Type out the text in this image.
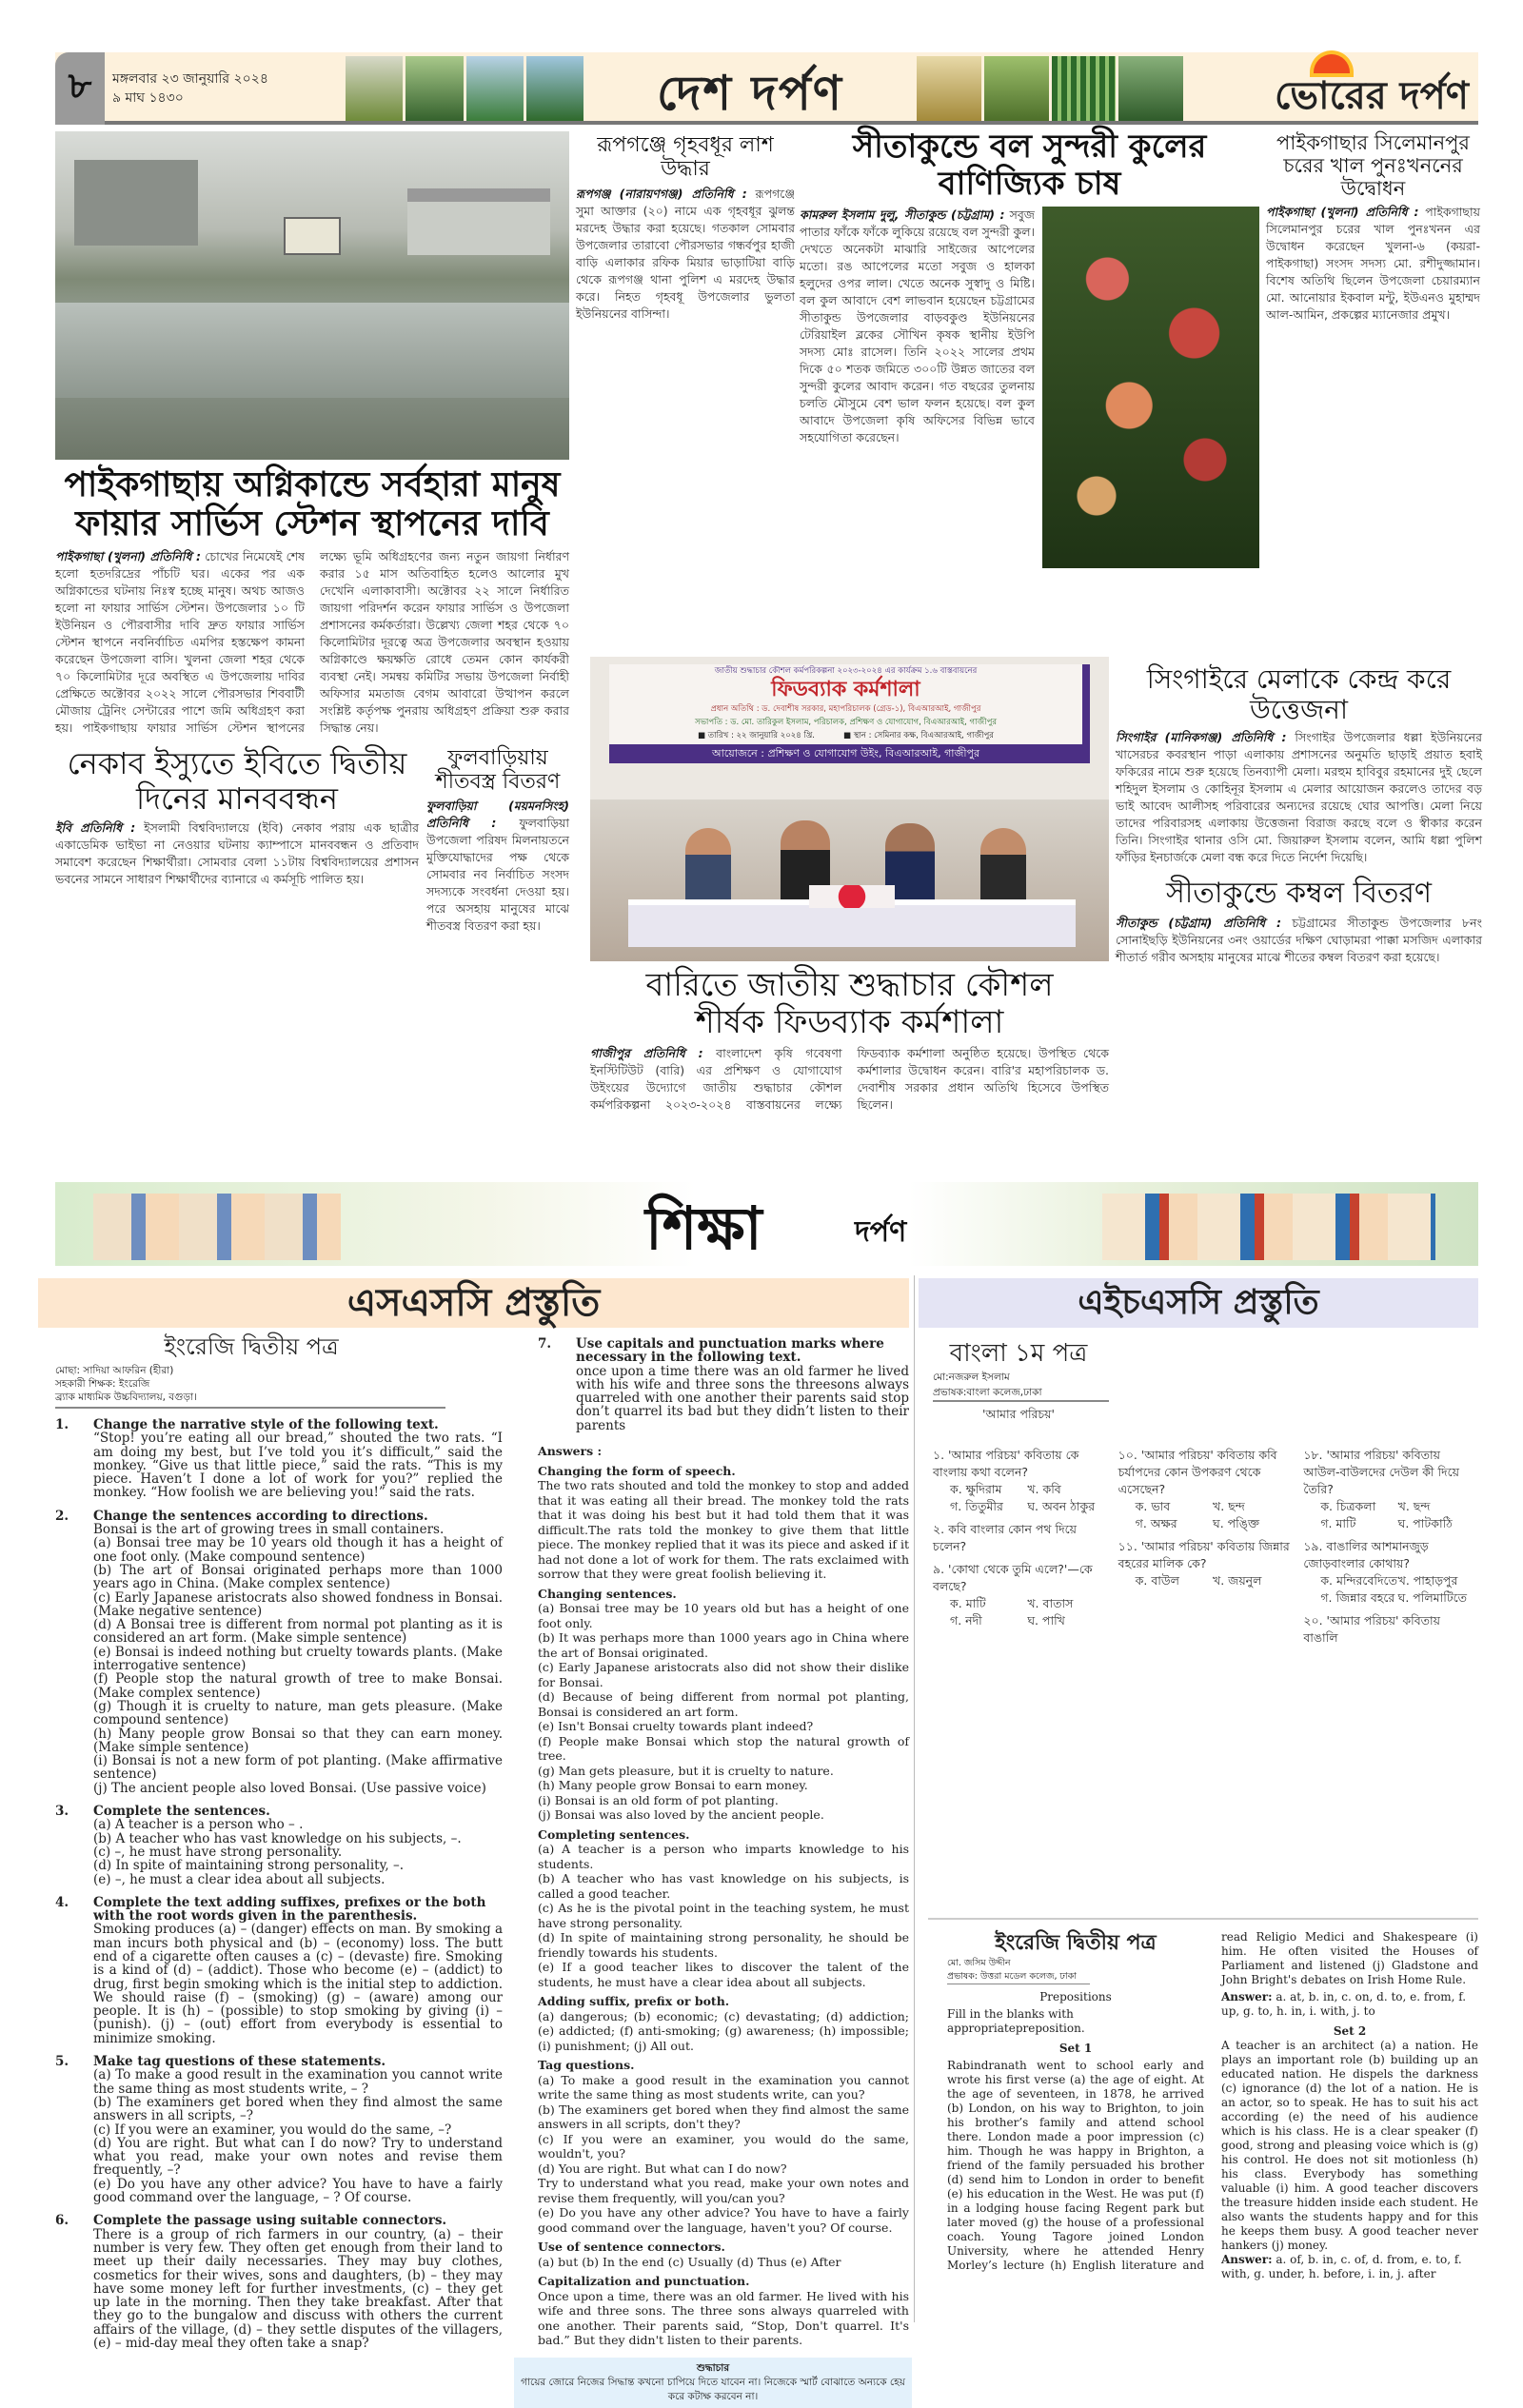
৮	মঙ্গলবার ২৩ জানুয়ারি ২০২৪
৯ মাঘ ১৪৩০	দেশ দর্পণ	ভোরের দর্পণ
পাইকগাছায় অগ্নিকান্ডে সর্বহারা মানুষ
ফায়ার সার্ভিস স্টেশন স্থাপনের দাবি
পাইকগাছা (খুলনা) প্রতিনিধি : চোখের নিমেষেই শেষ হলো হতদরিদ্রের পাঁচটি ঘর। একের পর এক অগ্নিকান্ডের ঘটনায় নিঃস্ব হচ্ছে মানুষ। অথচ আজও হলো না ফায়ার সার্ভিস স্টেশন। উপজেলার ১০ টি ইউনিয়ন ও পৌরবাসীর দাবি দ্রুত ফায়ার সার্ভিস স্টেশন স্থাপনে নবনির্বাচিত এমপির হস্তক্ষেপ কামনা করেছেন উপজেলা বাসি। খুলনা জেলা শহর থেকে ৭০ কিলোমিটার দূরে অবস্থিত এ উপজেলায় দাবির প্রেক্ষিতে অক্টোবর ২০২২ সালে পৌরসভার শিববাটী মৌজায় ট্রেনিং সেন্টারের পাশে জমি অধিগ্রহণ করা হয়। পাইকগাছায় ফায়ার সার্ভিস স্টেশন স্থাপনের লক্ষ্যে ভূমি অধিগ্রহণের জন্য নতুন জায়গা নির্ধারণ করার ১৫ মাস অতিবাহিত হলেও আলোর মুখ দেখেনি এলাকাবাসী। অক্টোবর ২২ সালে নির্ধারিত জায়গা পরিদর্শন করেন ফায়ার সার্ভিস ও উপজেলা প্রশাসনের কর্মকর্তারা। উল্লেখ্য জেলা শহর থেকে ৭০ কিলোমিটার দূরত্বে অত্র উপজেলার অবস্থান হওয়ায় অগ্নিকাণ্ডে ক্ষয়ক্ষতি রোধে তেমন কোন কার্যকরী ব্যবস্থা নেই। সমন্বয় কমিটির সভায় উপজেলা নির্বাহী অফিসার মমতাজ বেগম আবারো উত্থাপন করলে সংশ্লিষ্ট কর্তৃপক্ষ পুনরায় অধিগ্রহণ প্রক্রিয়া শুরু করার সিদ্ধান্ত নেয়।
নেকাব ইস্যুতে ইবিতে দ্বিতীয়
দিনের মানববন্ধন
ইবি প্রতিনিধি : ইসলামী বিশ্ববিদ্যালয়ে (ইবি) নেকাব পরায় এক ছাত্রীর একাডেমিক ভাইভা না নেওয়ার ঘটনায় ক্যাম্পাসে মানববন্ধন ও প্রতিবাদ সমাবেশ করেছেন শিক্ষার্থীরা। সোমবার বেলা ১১টায় বিশ্ববিদ্যালয়ের প্রশাসন ভবনের সামনে সাধারণ শিক্ষার্থীদের ব্যানারে এ কর্মসূচি পালিত হয়।
ফুলবাড়িয়ায় শীতবস্ত্র বিতরণ
ফুলবাড়িয়া (ময়মনসিংহ) প্রতিনিধি : ফুলবাড়িয়া উপজেলা পরিষদ মিলনায়তনে মুক্তিযোদ্ধাদের পক্ষ থেকে সোমবার নব নির্বাচিত সংসদ সদস্যকে সংবর্ধনা দেওয়া হয়। পরে অসহায় মানুষের মাঝে শীতবস্ত্র বিতরণ করা হয়।
রূপগঞ্জে গৃহবধূর লাশ উদ্ধার
রূপগঞ্জ (নারায়ণগঞ্জ) প্রতিনিধি : রূপগঞ্জে সুমা আক্তার (২০) নামে এক গৃহবধূর ঝুলন্ত মরদেহ উদ্ধার করা হয়েছে। গতকাল সোমবার উপজেলার তারাবো পৌরসভার গন্ধর্বপুর হাজী বাড়ি এলাকার রফিক মিয়ার ভাড়াটিয়া বাড়ি থেকে রূপগঞ্জ থানা পুলিশ এ মরদেহ উদ্ধার করে। নিহত গৃহবধূ উপজেলার ভুলতা ইউনিয়নের বাসিন্দা।
সীতাকুন্ডে বল সুন্দরী কুলের
বাণিজ্যিক চাষ
কামরুল ইসলাম দুলু, সীতাকুন্ড (চট্টগ্রাম) : সবুজ পাতার ফাঁকে ফাঁকে লুকিয়ে রয়েছে বল সুন্দরী কুল। দেখতে অনেকটা মাঝারি সাইজের আপেলের মতো। রঙ আপেলের মতো সবুজ ও হালকা হলুদের ওপর লাল। খেতে অনেক সুস্বাদু ও মিষ্টি। বল কুল আবাদে বেশ লাভবান হয়েছেন চট্টগ্রামের সীতাকুন্ড উপজেলার বাড়বকুণ্ড ইউনিয়নের টেরিয়াইল ব্লকের সৌখিন কৃষক স্থানীয় ইউপি সদস্য মোঃ রাসেল। তিনি ২০২২ সালের প্রথম দিকে ৫০ শতক জমিতে ৩০০টি উন্নত জাতের বল সুন্দরী কুলের আবাদ করেন। গত বছরের তুলনায় চলতি মৌসুমে বেশ ভাল ফলন হয়েছে। বল কুল আবাদে উপজেলা কৃষি অফিসের বিভিন্ন ভাবে সহযোগিতা করেছেন।
পাইকগাছার সিলেমানপুর চরের খাল পুনঃখননের উদ্বোধন
পাইকগাছা (খুলনা) প্রতিনিধি : পাইকগাছায় সিলেমানপুর চরের খাল পুনঃখনন এর উদ্বোধন করেছেন খুলনা-৬ (কয়রা-পাইকগাছা) সংসদ সদস্য মো. রশীদুজ্জামান। বিশেষ অতিথি ছিলেন উপজেলা চেয়ারম্যান মো. আনোয়ার ইকবাল মন্টু, ইউএনও মুহাম্মদ আল-আমিন, প্রকল্পের ম্যানেজার প্রমুখ।
জাতীয় শুদ্ধাচার কৌশল কর্মপরিকল্পনা ২০২৩-২০২৪ এর কার্যক্রম ১.৬ বাস্তবায়নের
ফিডব্যাক কর্মশালা
প্রধান অতিথি : ড. দেবাশীষ সরকার, মহাপরিচালক (গ্রেড-১), বিএআরআই, গাজীপুর
সভাপতি : ড. মো. তারিকুল ইসলাম, পরিচালক, প্রশিক্ষণ ও যোগাযোগ, বিএআরআই, গাজীপুর
■ তারিখ : ২২ জানুয়ারি ২০২৪ খ্রি.	■ স্থান : সেমিনার কক্ষ, বিএআরআই, গাজীপুর
আয়োজনে : প্রশিক্ষণ ও যোগাযোগ উইং, বিএআরআই, গাজীপুর
বারিতে জাতীয় শুদ্ধাচার কৌশল
শীর্ষক ফিডব্যাক কর্মশালা
গাজীপুর প্রতিনিধি : বাংলাদেশ কৃষি গবেষণা ইনস্টিটিউট (বারি) এর প্রশিক্ষণ ও যোগাযোগ উইংয়ের উদ্যোগে জাতীয় শুদ্ধাচার কৌশল কর্মপরিকল্পনা ২০২৩-২০২৪ বাস্তবায়নের লক্ষ্যে ফিডব্যাক কর্মশালা অনুষ্ঠিত হয়েছে। উপস্থিত থেকে কর্মশালার উদ্বোধন করেন। বারি'র মহাপরিচালক ড. দেবাশীষ সরকার প্রধান অতিথি হিসেবে উপস্থিত ছিলেন।
সিংগাইরে মেলাকে কেন্দ্র করে উত্তেজনা
সিংগাইর (মানিকগঞ্জ) প্রতিনিধি : সিংগাইর উপজেলার ধল্লা ইউনিয়নের খাসেরচর কবরস্থান পাড়া এলাকায় প্রশাসনের অনুমতি ছাড়াই প্রয়াত হবাই ফকিরের নামে শুরু হয়েছে তিনব্যাপী মেলা। মরহুম হাবিবুর রহমানের দুই ছেলে শহিদুল ইসলাম ও কোহিনূর ইসলাম এ মেলার আয়োজন করলেও তাদের বড় ভাই আবেদ আলীসহ পরিবারের অন্যদের রয়েছে ঘোর আপত্তি। মেলা নিয়ে তাদের পরিবারসহ এলাকায় উত্তেজনা বিরাজ করছে বলে ও স্বীকার করেন তিনি। সিংগাইর থানার ওসি মো. জিয়ারুল ইসলাম বলেন, আমি ধল্লা পুলিশ ফাঁড়ির ইনচার্জকে মেলা বন্ধ করে দিতে নির্দেশ দিয়েছি।
সীতাকুন্ডে কম্বল বিতরণ
সীতাকুন্ড (চট্টগ্রাম) প্রতিনিধি : চট্টগ্রামের সীতাকুন্ড উপজেলার ৮নং সোনাইছড়ি ইউনিয়নের ৩নং ওয়ার্ডের দক্ষিণ ঘোড়ামরা পাক্কা মসজিদ এলাকার শীতার্ত গরীব অসহায় মানুষের মাঝে শীতের কম্বল বিতরণ করা হয়েছে।
শিক্ষা	দর্পণ
এসএসসি প্রস্তুতি
ইংরেজি দ্বিতীয় পত্র
মোছা: সাদিয়া আফরিন (হীরা)
সহকারী শিক্ষক: ইংরেজি
ব্র্যাক মাধ্যমিক উচ্চবিদ্যালয়, বগুড়া।
1.	Change the narrative style of the following text.
“Stop! you’re eating all our bread,” shouted the two rats. “I am doing my best, but I’ve told you it’s difficult,” said the monkey. “Give us that little piece,” said the rats. “This is my piece. Haven’t I done a lot of work for you?” replied the monkey. “How foolish we are believing you!” said the rats.
2.	Change the sentences according to directions.
Bonsai is the art of growing trees in small containers.
(a) Bonsai tree may be 10 years old though it has a height of one foot only. (Make compound sentence)
(b) The art of Bonsai originated perhaps more than 1000 years ago in China. (Make complex sentence)
(c) Early Japanese aristocrats also showed fondness in Bonsai. (Make negative sentence)
(d) A Bonsai tree is different from normal pot planting as it is considered an art form. (Make simple sentence)
(e) Bonsai is indeed nothing but cruelty towards plants. (Make interrogative sentence)
(f) People stop the natural growth of tree to make Bonsai. (Make complex sentence)
(g) Though it is cruelty to nature, man gets pleasure. (Make compound sentence)
(h) Many people grow Bonsai so that they can earn money. (Make simple sentence)
(i) Bonsai is not a new form of pot planting. (Make affirmative sentence)
(j) The ancient people also loved Bonsai. (Use passive voice)
3.	Complete the sentences.
(a) A teacher is a person who – .
(b) A teacher who has vast knowledge on his subjects, –.
(c) –, he must have strong personality.
(d) In spite of maintaining strong personality, –.
(e) –, he must a clear idea about all subjects.
4.	Complete the text adding suffixes, prefixes or the both with the root words given in the parenthesis.
Smoking produces (a) – (danger) effects on man. By smoking a man incurs both physical and (b) – (economy) loss. The butt end of a cigarette often causes a (c) – (devaste) fire. Smoking is a kind of (d) – (addict). Those who become (e) – (addict) to drug, first begin smoking which is the initial step to addiction. We should raise (f) – (smoking) (g) – (aware) among our people. It is (h) – (possible) to stop smoking by giving (i) – (punish). (j) – (out) effort from everybody is essential to minimize smoking.
5.	Make tag questions of these statements.
(a) To make a good result in the examination you cannot write the same thing as most students write, – ?
(b) The examiners get bored when they find almost the same answers in all scripts, –?
(c) If you were an examiner, you would do the same, –?
(d) You are right. But what can I do now? Try to understand what you read, make your own notes and revise them frequently, –?
(e) Do you have any other advice? You have to have a fairly good command over the language, – ? Of course.
6.	Complete the passage using suitable connectors.
There is a group of rich farmers in our country, (a) – their number is very few. They often get enough from their land to meet up their daily necessaries. They may buy clothes, cosmetics for their wives, sons and daughters, (b) – they may have some money left for further investments, (c) – they get up late in the morning. Then they take breakfast. After that they go to the bungalow and discuss with others the current affairs of the village, (d) – they settle disputes of the villagers, (e) – mid-day meal they often take a snap?
7.	Use capitals and punctuation marks where necessary in the following text.
once upon a time there was an old farmer he lived with his wife and three sons the threesons always quarreled with one another their parents said stop don’t quarrel its bad but they didn’t listen to their parents
Answers :
Changing the form of speech.
The two rats shouted and told the monkey to stop and added that it was eating all their bread. The monkey told the rats that it was doing his best but it had told them that it was difficult.The rats told the monkey to give them that little piece. The monkey replied that it was its piece and asked if it had not done a lot of work for them. The rats exclaimed with sorrow that they were great foolish believing it.
Changing sentences.
(a) Bonsai tree may be 10 years old but has a height of one foot only.
(b) It was perhaps more than 1000 years ago in China where the art of Bonsai originated.
(c) Early Japanese aristocrats also did not show their dislike for Bonsai.
(d) Because of being different from normal pot planting, Bonsai is considered an art form.
(e) Isn't Bonsai cruelty towards plant indeed?
(f) People make Bonsai which stop the natural growth of tree.
(g) Man gets pleasure, but it is cruelty to nature.
(h) Many people grow Bonsai to earn money.
(i) Bonsai is an old form of pot planting.
(j) Bonsai was also loved by the ancient people.
Completing sentences.
(a) A teacher is a person who imparts knowledge to his students.
(b) A teacher who has vast knowledge on his subjects, is called a good teacher.
(c) As he is the pivotal point in the teaching system, he must have strong personality.
(d) In spite of maintaining strong personality, he should be friendly towards his students.
(e) If a good teacher likes to discover the talent of the students, he must have a clear idea about all subjects.
Adding suffix, prefix or both.
(a) dangerous; (b) economic; (c) devastating; (d) addiction; (e) addicted; (f) anti-smoking; (g) awareness; (h) impossible; (i) punishment; (j) All out.
Tag questions.
(a) To make a good result in the examination you cannot write the same thing as most students write, can you?
(b) The examiners get bored when they find almost the same answers in all scripts, don't they?
(c) If you were an examiner, you would do the same, wouldn't, you?
(d) You are right. But what can I do now?
Try to understand what you read, make your own notes and revise them frequently, will you/can you?
(e) Do you have any other advice? You have to have a fairly good command over the language, haven't you? Of course.
Use of sentence connectors.
(a) but (b) In the end (c) Usually (d) Thus (e) After
Capitalization and punctuation.
Once upon a time, there was an old farmer. He lived with his wife and three sons. The three sons always quarreled with one another. Their parents said, “Stop, Don't quarrel. It's bad.” But they didn't listen to their parents.
শুদ্ধাচার
গায়ের জোরে নিজের সিদ্ধান্ত কখনো চাপিয়ে দিতে যাবেন না। নিজেকে স্মার্ট বোঝাতে অন্যকে হেয় করে কটাক্ষ করবেন না।
এইচএসসি প্রস্তুতি
বাংলা ১ম পত্র
মো:নজরুল ইসলাম
প্রভাষক:বাংলা কলেজ,ঢাকা
'আমার পরিচয়'
১. 'আমার পরিচয়' কবিতায় কে বাংলায় কথা বলেন?
ক. ক্ষুদিরাম	খ. কবি
গ. তিতুমীর	ঘ. অবন ঠাকুর
২. কবি বাংলার কোন পথ দিয়ে চলেন?
৯. 'কোথা থেকে তুমি এলে?'—কে বলছে?
ক. মাটি	খ. বাতাস
গ. নদী	ঘ. পাখি
১০. 'আমার পরিচয়' কবিতায় কবি চর্যাপদের কোন উপকরণ থেকে এসেছেন?
ক. ভাব	খ. ছন্দ
গ. অক্ষর	ঘ. পঙ্ক্তি
১১. 'আমার পরিচয়' কবিতায় জিন্নার বহরের মালিক কে?
ক. বাউল	খ. জয়নুল
১৮. 'আমার পরিচয়' কবিতায় আউল-বাউলদের দেউল কী দিয়ে তৈরি?
ক. চিত্রকলা	খ. ছন্দ
গ. মাটি	ঘ. পাটকাঠি
১৯. বাঙালির আশমানজুড় জোড়বাংলার কোথায়?
ক. মন্দিরবেদিতে খ. পাহাড়পুর
গ. জিন্নার বহরে ঘ. পলিমাটিতে
২০. 'আমার পরিচয়' কবিতায় বাঙালি
ইংরেজি দ্বিতীয় পত্র
মো. জসিম উদ্দীন
প্রভাষক: উত্তরা মডেল কলেজ, ঢাকা
Prepositions
Fill in the blanks with appropriatepreposition.
Set 1
Rabindranath went to school early and wrote his first verse (a) the age of eight. At the age of seventeen, in 1878, he arrived (b) London, on his way to Brighton, to join his brother’s family and attend school there. London made a poor impression (c) him. Though he was happy in Brighton, a friend of the family persuaded his brother (d) send him to London in order to benefit (e) his education in the West. He was put (f) in a lodging house facing Regent park but later moved (g) the house of a professional coach. Young Tagore joined London University, where he attended Henry Morley’s lecture (h) English literature and read Religio Medici and Shakespeare (i) him. He often visited the Houses of Parliament and listened (j) Gladstone and John Bright's debates on Irish Home Rule.
Answer: a. at, b. in, c. on, d. to, e. from, f. up, g. to, h. in, i. with, j. to
Set 2
A teacher is an architect (a) a nation. He plays an important role (b) building up an educated nation. He dispels the darkness (c) ignorance (d) the lot of a nation. He is an actor, so to speak. He has to suit his act according (e) the need of his audience which is his class. He is a clear speaker (f) good, strong and pleasing voice which is (g) his control. He does not sit motionless (h) his class. Everybody has something valuable (i) him. A good teacher discovers the treasure hidden inside each student. He also wants the students happy and for this he keeps them busy. A good teacher never hankers (j) money.
Answer: a. of, b. in, c. of, d. from, e. to, f. with, g. under, h. before, i. in, j. after
